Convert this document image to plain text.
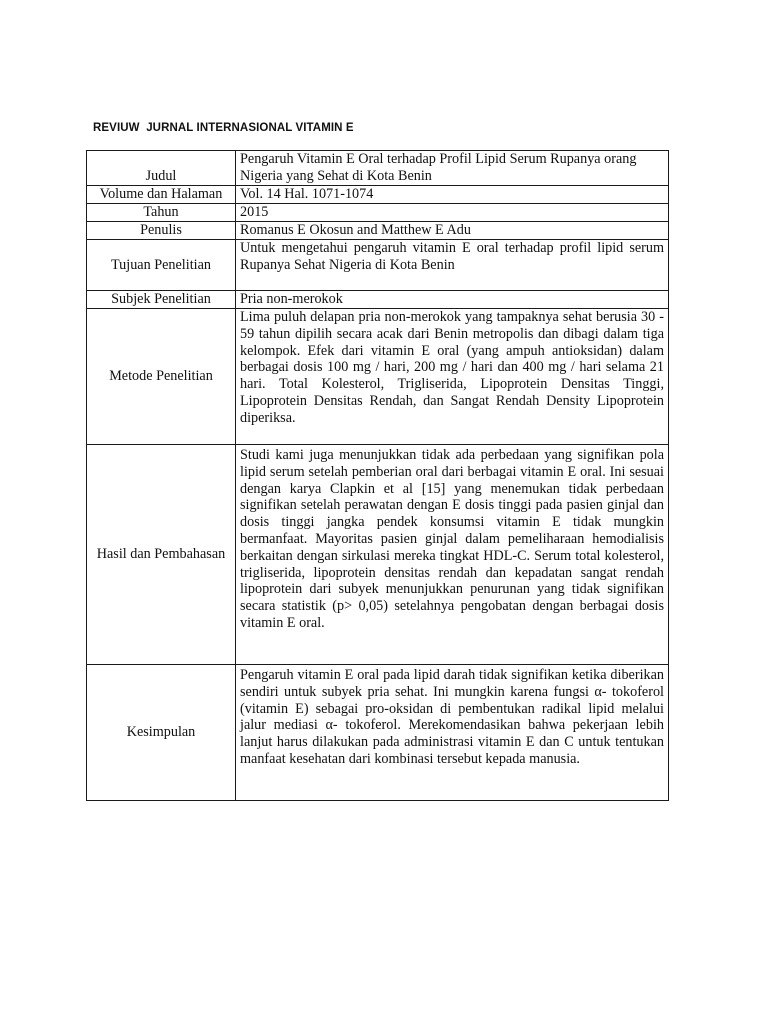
REVIUW  JURNAL INTERNASIONAL VITAMIN E
Judul	Pengaruh Vitamin E Oral terhadap Profil Lipid Serum Rupanya orang Nigeria yang Sehat di Kota Benin
Volume dan Halaman	Vol. 14 Hal. 1071-1074
Tahun	2015
Penulis	Romanus E Okosun and Matthew E Adu
Tujuan Penelitian	Untuk mengetahui pengaruh vitamin E oral terhadap profil lipid serum Rupanya Sehat Nigeria di Kota Benin
Subjek Penelitian	Pria non-merokok
Metode Penelitian	Lima puluh delapan pria non-merokok yang tampaknya sehat berusia 30 - 59 tahun dipilih secara acak dari Benin metropolis dan dibagi dalam tiga kelompok. Efek dari vitamin E oral (yang ampuh antioksidan) dalam berbagai dosis 100 mg / hari, 200 mg / hari dan 400 mg / hari selama 21 hari. Total Kolesterol, Trigliserida, Lipoprotein Densitas Tinggi, Lipoprotein Densitas Rendah, dan Sangat Rendah Density Lipoprotein diperiksa.
Hasil dan Pembahasan	Studi kami juga menunjukkan tidak ada perbedaan yang signifikan pola lipid serum setelah pemberian oral dari berbagai vitamin E oral. Ini sesuai dengan karya Clapkin et al [15] yang menemukan tidak perbedaan signifikan setelah perawatan dengan E dosis tinggi pada pasien ginjal dan dosis tinggi jangka pendek konsumsi vitamin E tidak mungkin bermanfaat. Mayoritas pasien ginjal dalam pemeliharaan hemodialisis berkaitan dengan sirkulasi mereka tingkat HDL-C. Serum total kolesterol, trigliserida, lipoprotein densitas rendah dan kepadatan sangat rendah lipoprotein dari subyek menunjukkan penurunan yang tidak signifikan secara statistik (p> 0,05) setelahnya pengobatan dengan berbagai dosis vitamin E oral.
Kesimpulan	Pengaruh vitamin E oral pada lipid darah tidak signifikan ketika diberikan sendiri untuk subyek pria sehat. Ini mungkin karena fungsi α- tokoferol (vitamin E) sebagai pro-oksidan di pembentukan radikal lipid melalui jalur mediasi α- tokoferol. Merekomendasikan bahwa pekerjaan lebih lanjut harus dilakukan pada administrasi vitamin E dan C untuk tentukan manfaat kesehatan dari kombinasi tersebut kepada manusia.
